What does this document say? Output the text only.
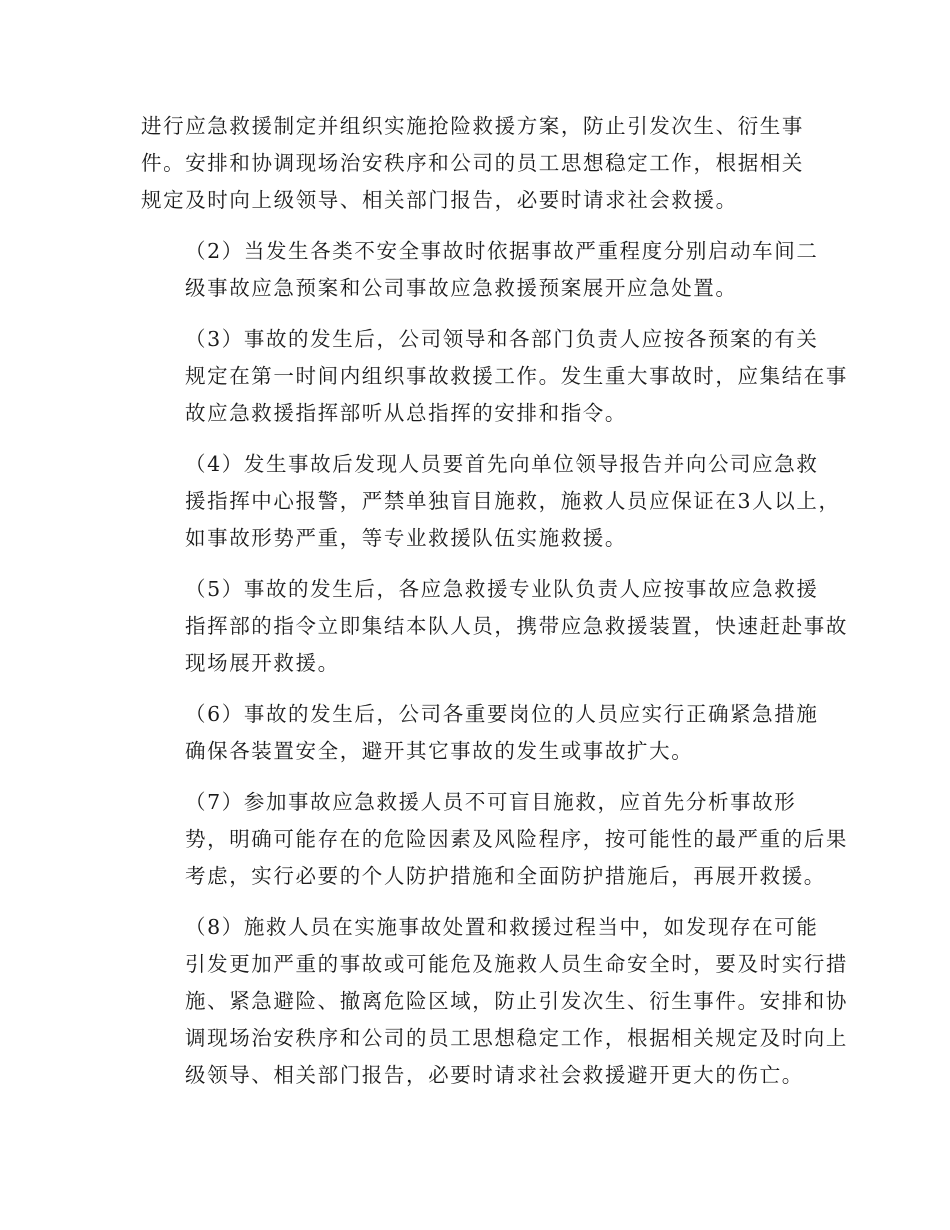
进行应急救援制定并组织实施抢险救援方案，防止引发次生、衍生事
件。安排和协调现场治安秩序和公司的员工思想稳定工作，根据相关
规定及时向上级领导、相关部门报告，必要时请求社会救援。
（2）当发生各类不安全事故时依据事故严重程度分别启动车间二
级事故应急预案和公司事故应急救援预案展开应急处置。
（3）事故的发生后，公司领导和各部门负责人应按各预案的有关
规定在第一时间内组织事故救援工作。发生重大事故时，应集结在事
故应急救援指挥部听从总指挥的安排和指令。
（4）发生事故后发现人员要首先向单位领导报告并向公司应急救
援指挥中心报警，严禁单独盲目施救，施救人员应保证在3人以上，
如事故形势严重，等专业救援队伍实施救援。
（5）事故的发生后，各应急救援专业队负责人应按事故应急救援
指挥部的指令立即集结本队人员，携带应急救援装置，快速赶赴事故
现场展开救援。
（6）事故的发生后，公司各重要岗位的人员应实行正确紧急措施
确保各装置安全，避开其它事故的发生或事故扩大。
（7）参加事故应急救援人员不可盲目施救，应首先分析事故形
势，明确可能存在的危险因素及风险程序，按可能性的最严重的后果
考虑，实行必要的个人防护措施和全面防护措施后，再展开救援。
（8）施救人员在实施事故处置和救援过程当中，如发现存在可能
引发更加严重的事故或可能危及施救人员生命安全时，要及时实行措
施、紧急避险、撤离危险区域，防止引发次生、衍生事件。安排和协
调现场治安秩序和公司的员工思想稳定工作，根据相关规定及时向上
级领导、相关部门报告，必要时请求社会救援避开更大的伤亡。
